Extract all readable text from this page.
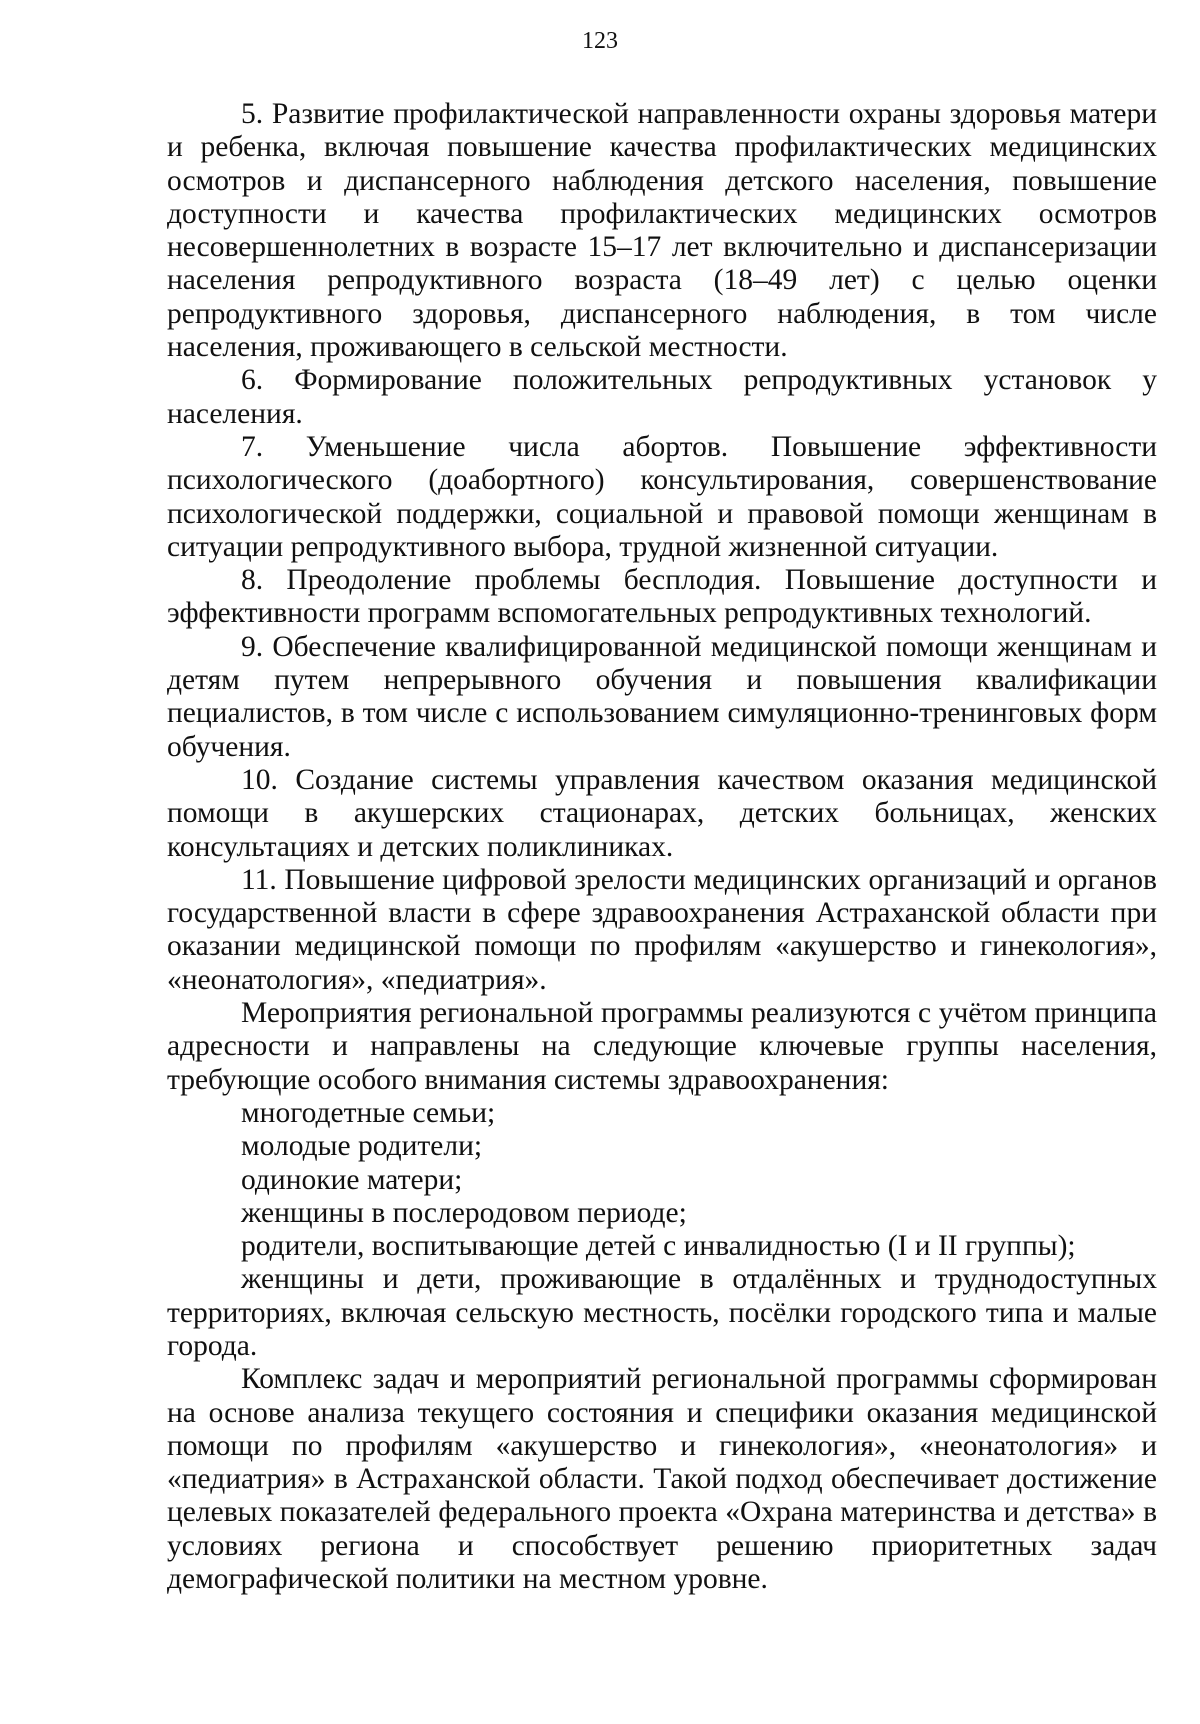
123

5. Развитие профилактической направленности охраны здоровья матери и ребенка, включая повышение качества профилактических медицинских осмотров и диспансерного наблюдения детского населения, повышение доступности и качества профилактических медицинских осмотров несовершеннолетних в возрасте 15–17 лет включительно и диспансеризации населения репродуктивного возраста (18–49 лет) с целью оценки репродуктивного здоровья, диспансерного наблюдения, в том числе населения, проживающего в сельской местности.

6. Формирование положительных репродуктивных установок у населения.

7. Уменьшение числа абортов. Повышение эффективности психологического (доабортного) консультирования, совершенствование психологической поддержки, социальной и правовой помощи женщинам в ситуации репродуктивного выбора, трудной жизненной ситуации.

8. Преодоление проблемы бесплодия. Повышение доступности и эффективности программ вспомогательных репродуктивных технологий.

9. Обеспечение квалифицированной медицинской помощи женщинам и детям путем непрерывного обучения и повышения квалификации пециалистов, в том числе с использованием симуляционно-тренинговых форм обучения.

10. Создание системы управления качеством оказания медицинской помощи в акушерских стационарах, детских больницах, женских консультациях и детских поликлиниках.

11. Повышение цифровой зрелости медицинских организаций и органов государственной власти в сфере здравоохранения Астраханской области при оказании медицинской помощи по профилям «акушерство и гинекология», «неонатология», «педиатрия».

Мероприятия региональной программы реализуются с учётом принципа адресности и направлены на следующие ключевые группы населения, требующие особого внимания системы здравоохранения:

многодетные семьи;

молодые родители;

одинокие матери;

женщины в послеродовом периоде;

родители, воспитывающие детей с инвалидностью (I и II группы);

женщины и дети, проживающие в отдалённых и труднодоступных территориях, включая сельскую местность, посёлки городского типа и малые города.

Комплекс задач и мероприятий региональной программы сформирован на основе анализа текущего состояния и специфики оказания медицинской помощи по профилям «акушерство и гинекология», «неонатология» и «педиатрия» в Астраханской области. Такой подход обеспечивает достижение целевых показателей федерального проекта «Охрана материнства и детства» в условиях региона и способствует решению приоритетных задач демографической политики на местном уровне.
